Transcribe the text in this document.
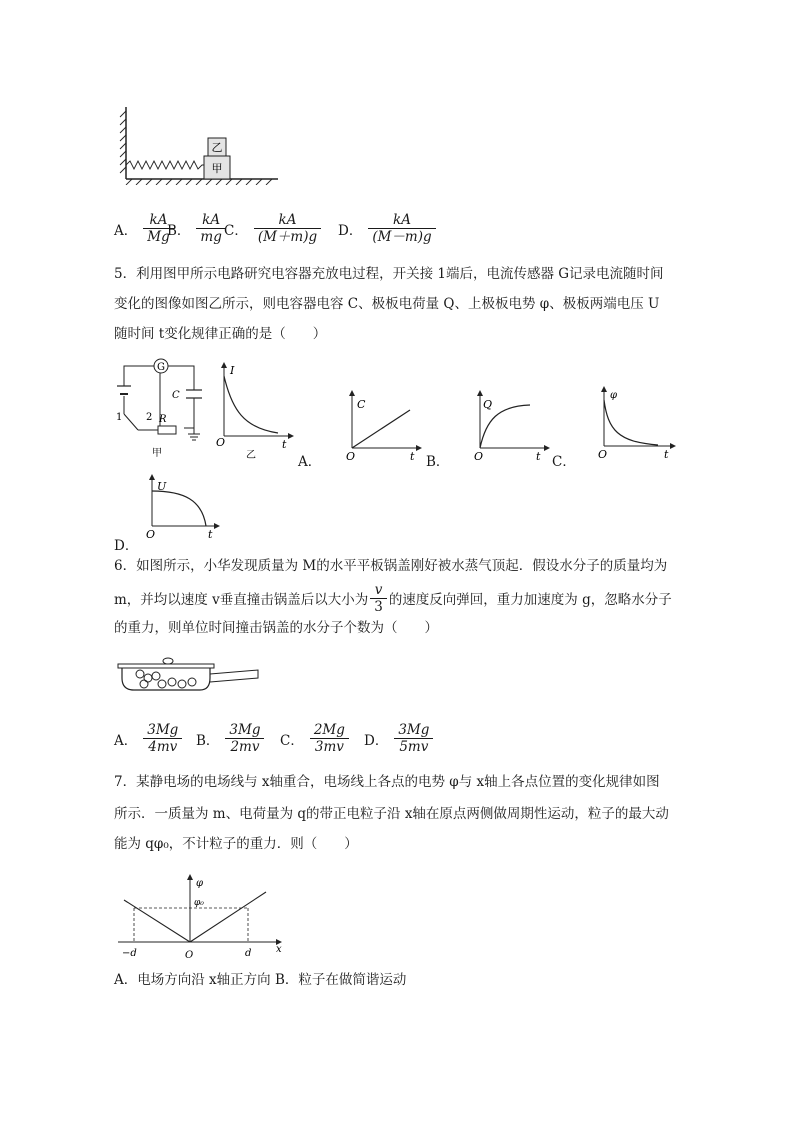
乙
甲
A． $\frac{kA}{Mg}$
B． $\frac{kA}{mg}$
C． $\frac{kA}{(M+m)g}$ D． $\frac{kA}{(M-m)g}$
5．利用图甲所示电路研究电容器充放电过程，开关接 1端后，电流传感器 G记录电流随时间
变化的图像如图乙所示，则电容器电容 C、极板电荷量 Q、上极板电势 φ、极板两端电压 U
随时间 t变化规律正确的是（　　）
G
C
R
1 2
甲
I
O	t
乙	A．
C
O	t B．
Q
O	t C．
φ
O	t
U
O	t
D．
6．如图所示，小华发现质量为 M的水平平板锅盖刚好被水蒸气顶起．假设水分子的质量均为
m，并均以速度 v垂直撞击锅盖后以大小为 $\frac{v}{3}$ 的速度反向弹回，重力加速度为 g，忽略水分子
的重力，则单位时间撞击锅盖的水分子个数为（　　）
A． $\frac{3Mg}{4mv}$ B． $\frac{3Mg}{2mv}$ C． $\frac{2Mg}{3mv}$ D． $\frac{3Mg}{5mv}$
7．某静电场的电场线与 x轴重合，电场线上各点的电势 φ与 x轴上各点位置的变化规律如图
所示．一质量为 m、电荷量为 q的带正电粒子沿 x轴在原点两侧做周期性运动，粒子的最大动
能为 qφ₀，不计粒子的重力．则（　　）
φ
φ₀
−d	O	d x
A．电场方向沿 x轴正方向 B．粒子在做简谐运动
